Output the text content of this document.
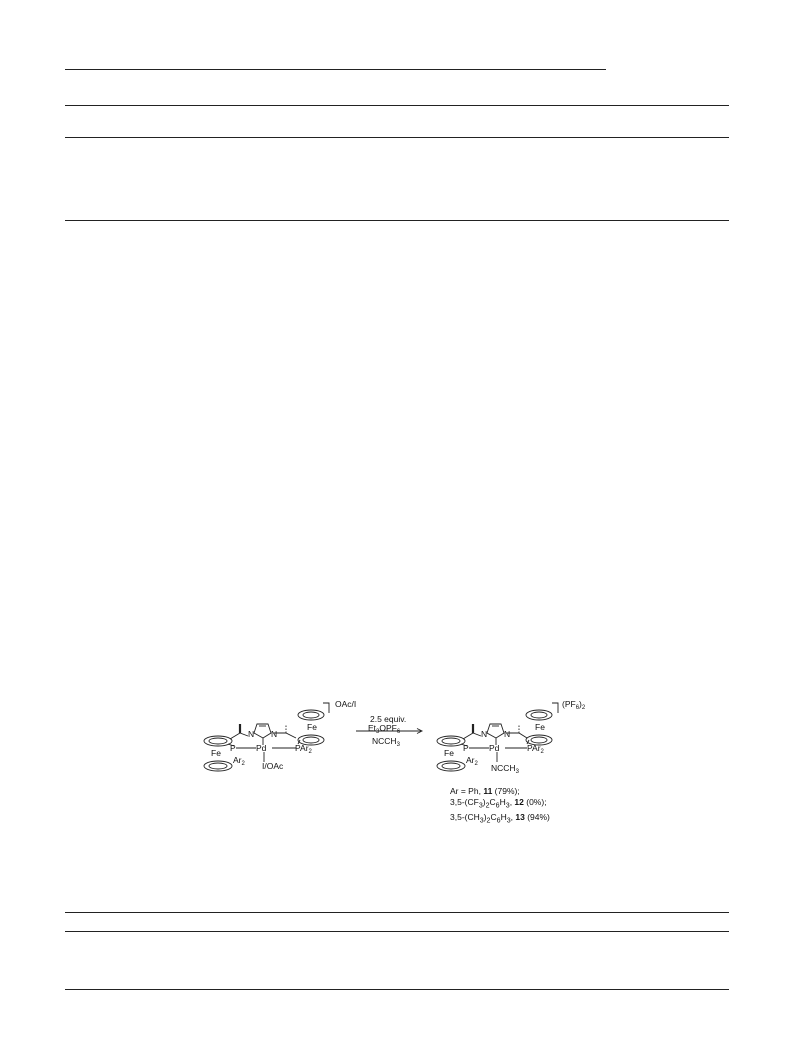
OAc/I
Fe
Fe
N N
Pd
P
$Ar_2$
PAr$_2$
I/OAc
2.5 equiv.
$Et_3OPF_6$
$NCCH_3$
$(PF_6)_2$
Fe
Fe
N N
Pd
P
$Ar_2$
PAr$_2$
$NCCH_3$
Ar = Ph, 11 (79%);
$3,5-(CF_3)_2C_6H_3$, 12 (0%);
$3,5-(CH_3)_2C_6H_3$, 13 (94%)
